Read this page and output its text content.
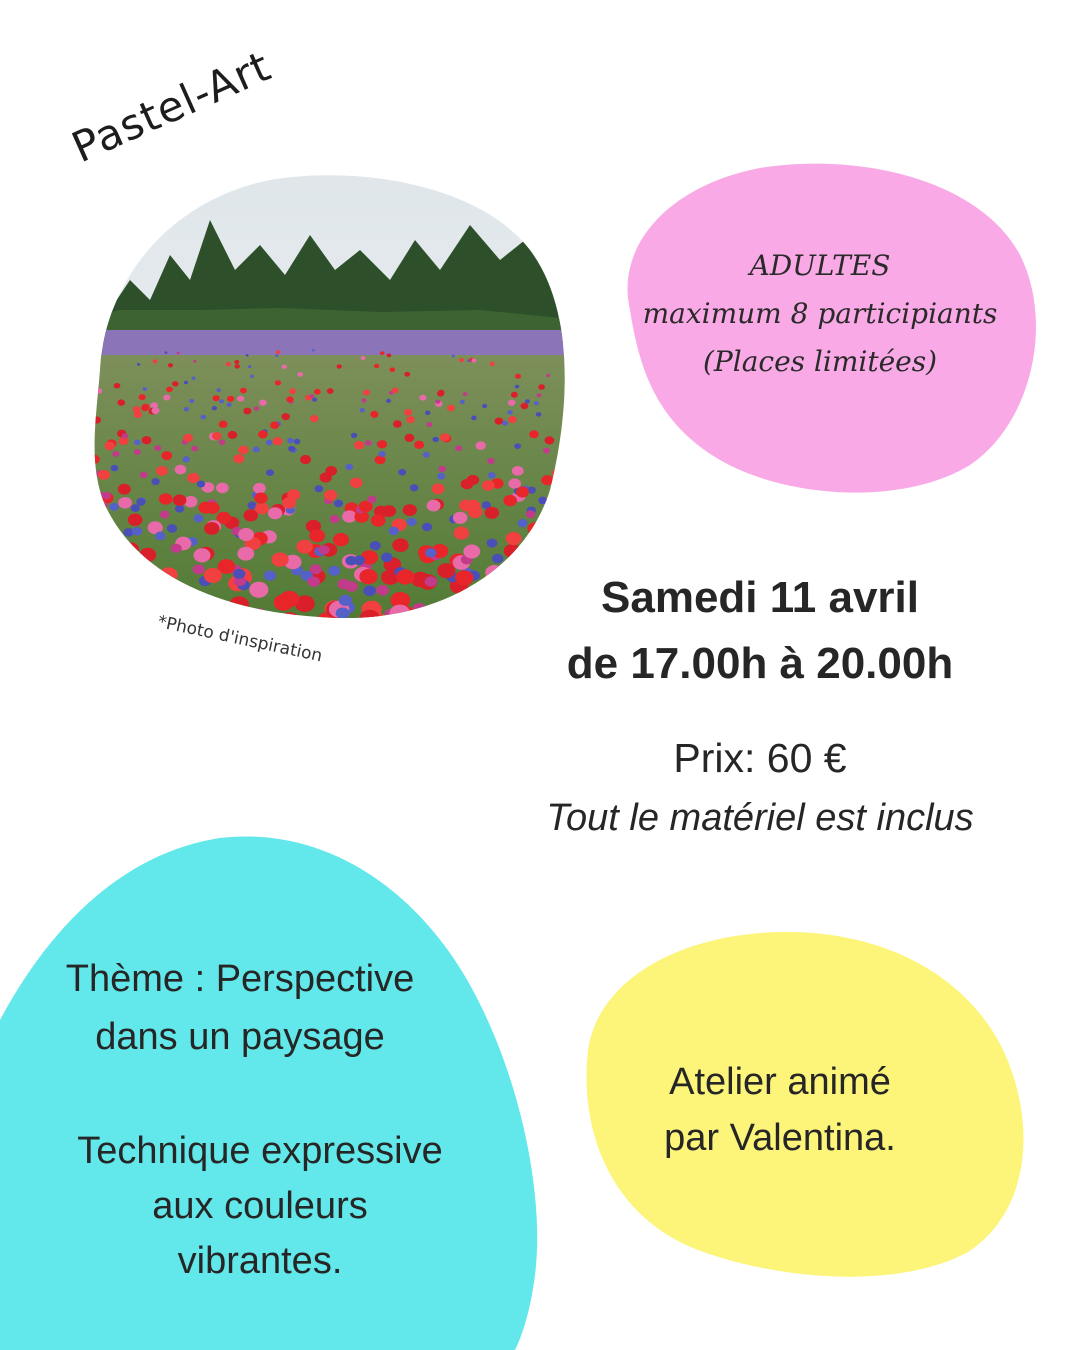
Pastel-Art
*Photo d'inspiration
ADULTES
maximum 8 participiants
(Places limitées)
Samedi 11 avril
de 17.00h à 20.00h
Prix: 60 €
Tout le matériel est inclus
Thème : Perspective
dans un paysage
Technique expressive
aux couleurs
vibrantes.
Atelier animé
par Valentina.
